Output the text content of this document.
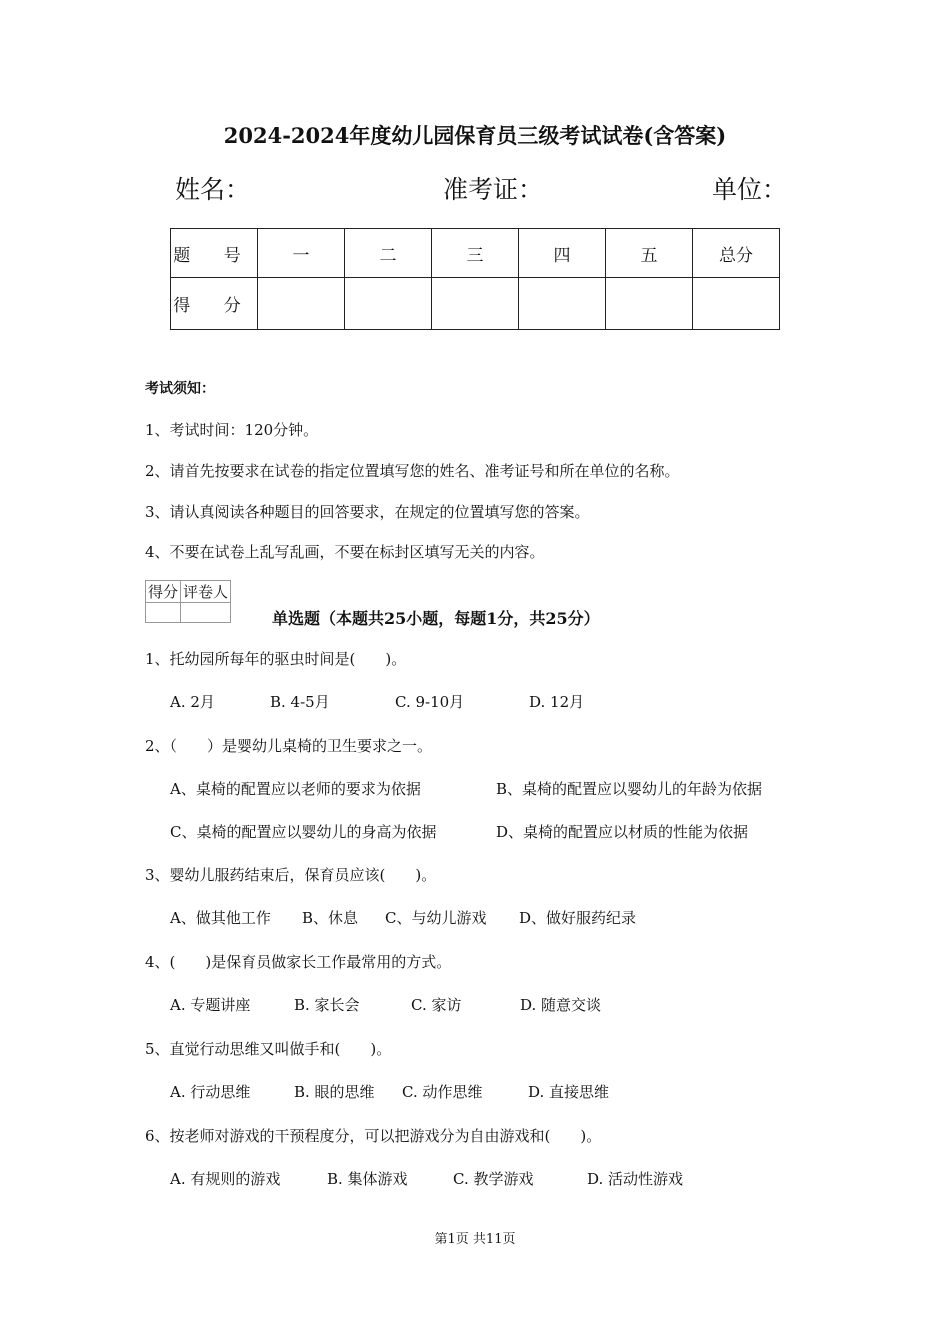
2024-2024年度幼儿园保育员三级考试试卷(含答案)
姓名：	准考证：	单位：
题 号	一	二	三	四	五	总分
得 分						
考试须知：
1、考试时间：120分钟。
2、请首先按要求在试卷的指定位置填写您的姓名、准考证号和所在单位的名称。
3、请认真阅读各种题目的回答要求，在规定的位置填写您的答案。
4、不要在试卷上乱写乱画，不要在标封区填写无关的内容。
得分	评卷人

单选题（本题共25小题，每题1分，共25分）
1、托幼园所每年的驱虫时间是(　　)。
A. 2月	B. 4-5月	C. 9-10月	D. 12月
2、（　　）是婴幼儿桌椅的卫生要求之一。
A、桌椅的配置应以老师的要求为依据	B、桌椅的配置应以婴幼儿的年龄为依据
C、桌椅的配置应以婴幼儿的身高为依据	D、桌椅的配置应以材质的性能为依据
3、婴幼儿服药结束后，保育员应该(　　)。
A、做其他工作 B、休息 C、与幼儿游戏 D、做好服药纪录
4、(　　)是保育员做家长工作最常用的方式。
A. 专题讲座	B. 家长会	C. 家访	D. 随意交谈
5、直觉行动思维又叫做手和(　　)。
A. 行动思维	B. 眼的思维 C. 动作思维	D. 直接思维
6、按老师对游戏的干预程度分，可以把游戏分为自由游戏和(　　)。
A. 有规则的游戏	B. 集体游戏	C. 教学游戏	D. 活动性游戏
第1页 共11页
